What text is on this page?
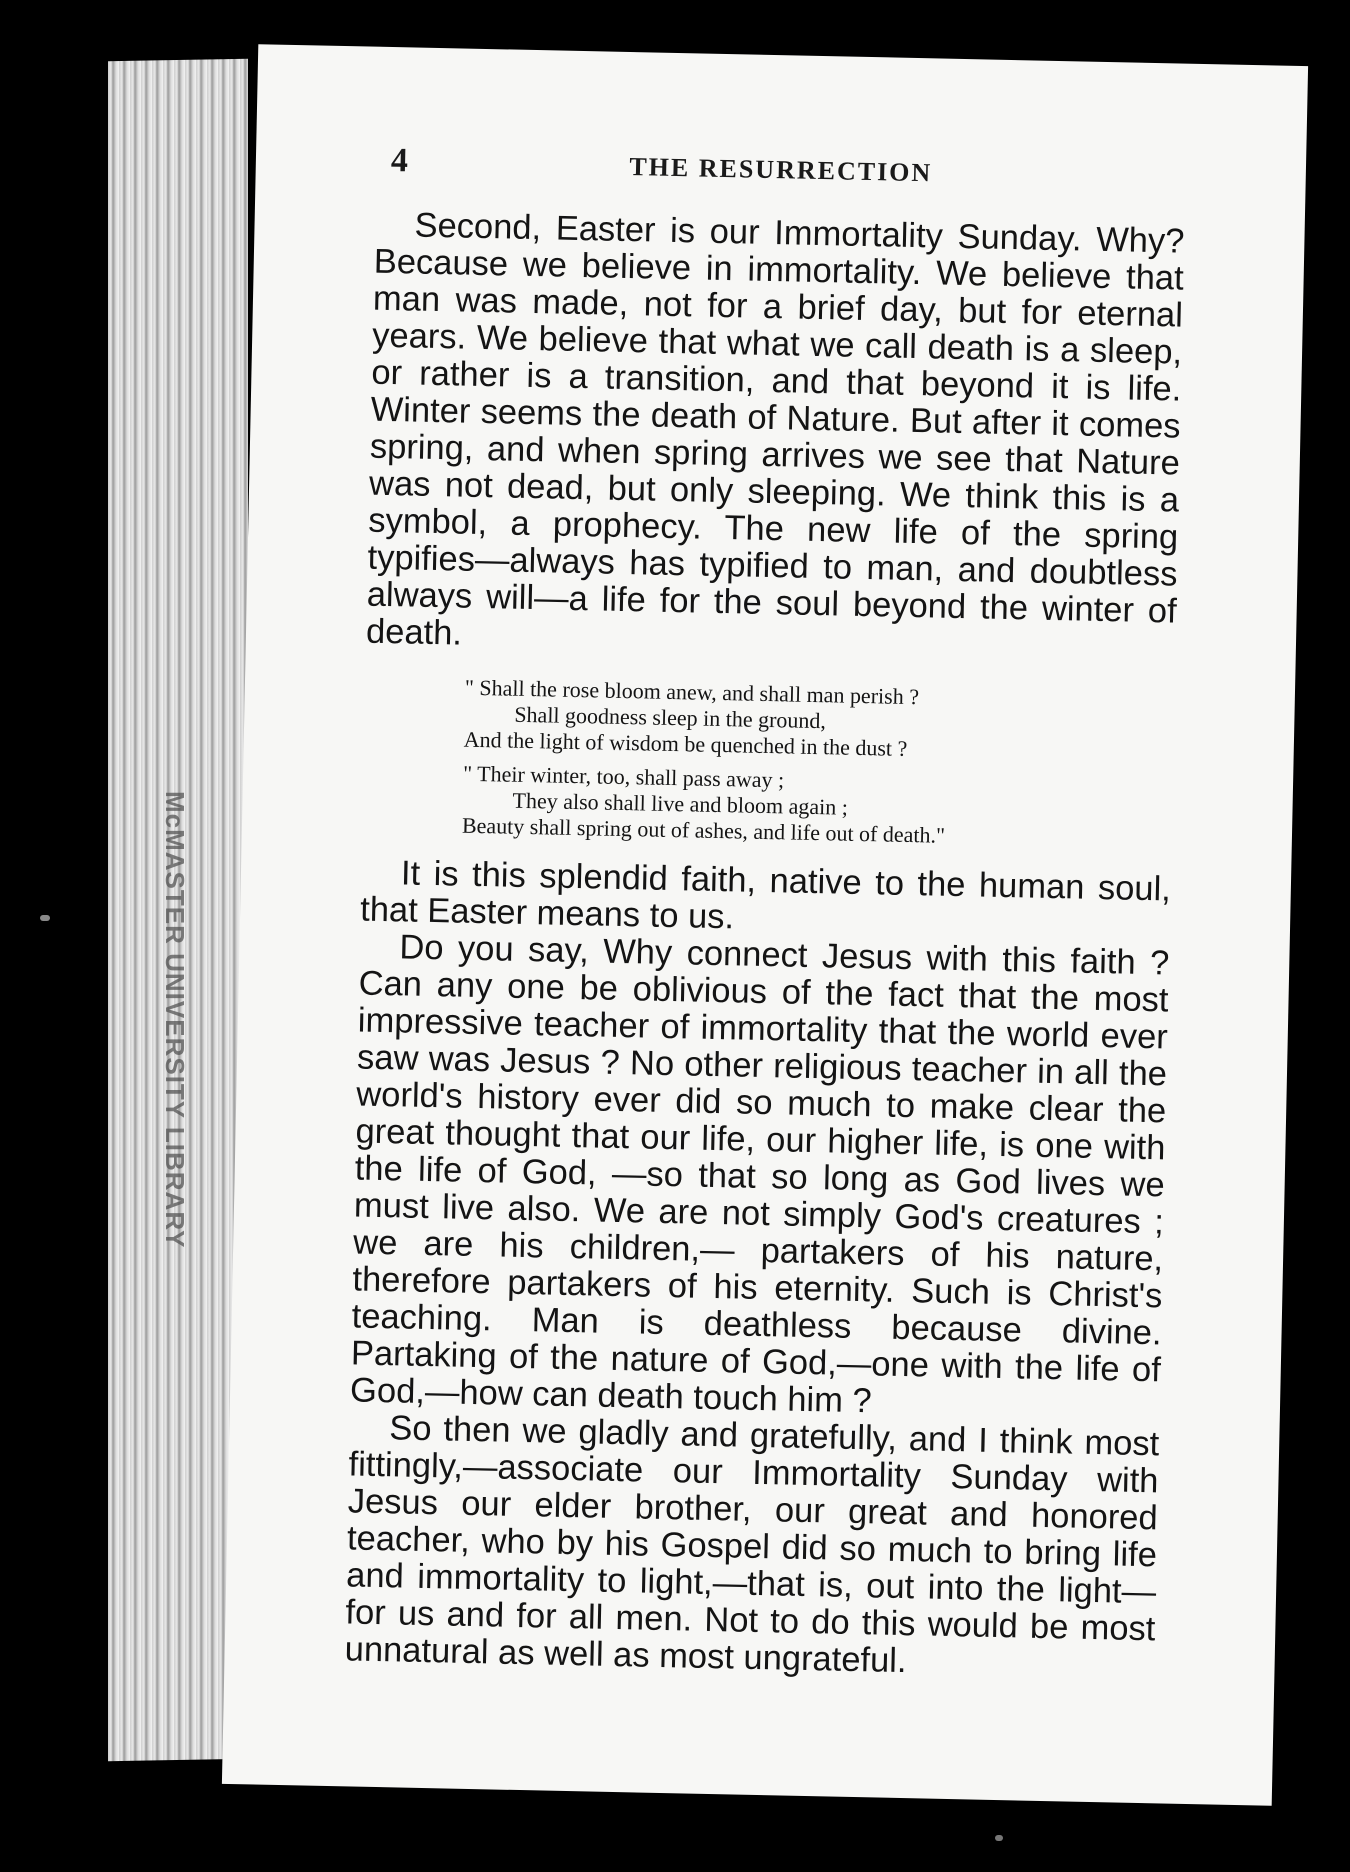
McMASTER UNIVERSITY LIBRARY
4	THE RESURRECTION

Second, Easter is our Immortality Sunday. Why? Because we believe in immortality. We believe that man was made, not for a brief day, but for eternal years. We believe that what we call death is a sleep, or rather is a transition, and that beyond it is life. Winter seems the death of Nature. But after it comes spring, and when spring arrives we see that Nature was not dead, but only sleeping. We think this is a symbol, a prophecy. The new life of the spring typifies—always has typified to man, and doubtless always will—a life for the soul beyond the winter of death.

" Shall the rose bloom anew, and shall man perish ?
Shall goodness sleep in the ground,
And the light of wisdom be quenched in the dust ?
" Their winter, too, shall pass away ;
They also shall live and bloom again ;
Beauty shall spring out of ashes, and life out of death."

It is this splendid faith, native to the human soul, that Easter means to us.

Do you say, Why connect Jesus with this faith ? Can any one be oblivious of the fact that the most impressive teacher of immortality that the world ever saw was Jesus ? No other religious teacher in all the world's history ever did so much to make clear the great thought that our life, our higher life, is one with the life of God, —so that so long as God lives we must live also. We are not simply God's creatures ; we are his children,— partakers of his nature, therefore partakers of his eternity. Such is Christ's teaching. Man is deathless because divine. Partaking of the nature of God,—one with the life of God,—how can death touch him ?

So then we gladly and gratefully, and I think most fittingly,—associate our Immortality Sunday with Jesus our elder brother, our great and honored teacher, who by his Gospel did so much to bring life and immortality to light,—that is, out into the light—for us and for all men. Not to do this would be most unnatural as well as most ungrateful.
